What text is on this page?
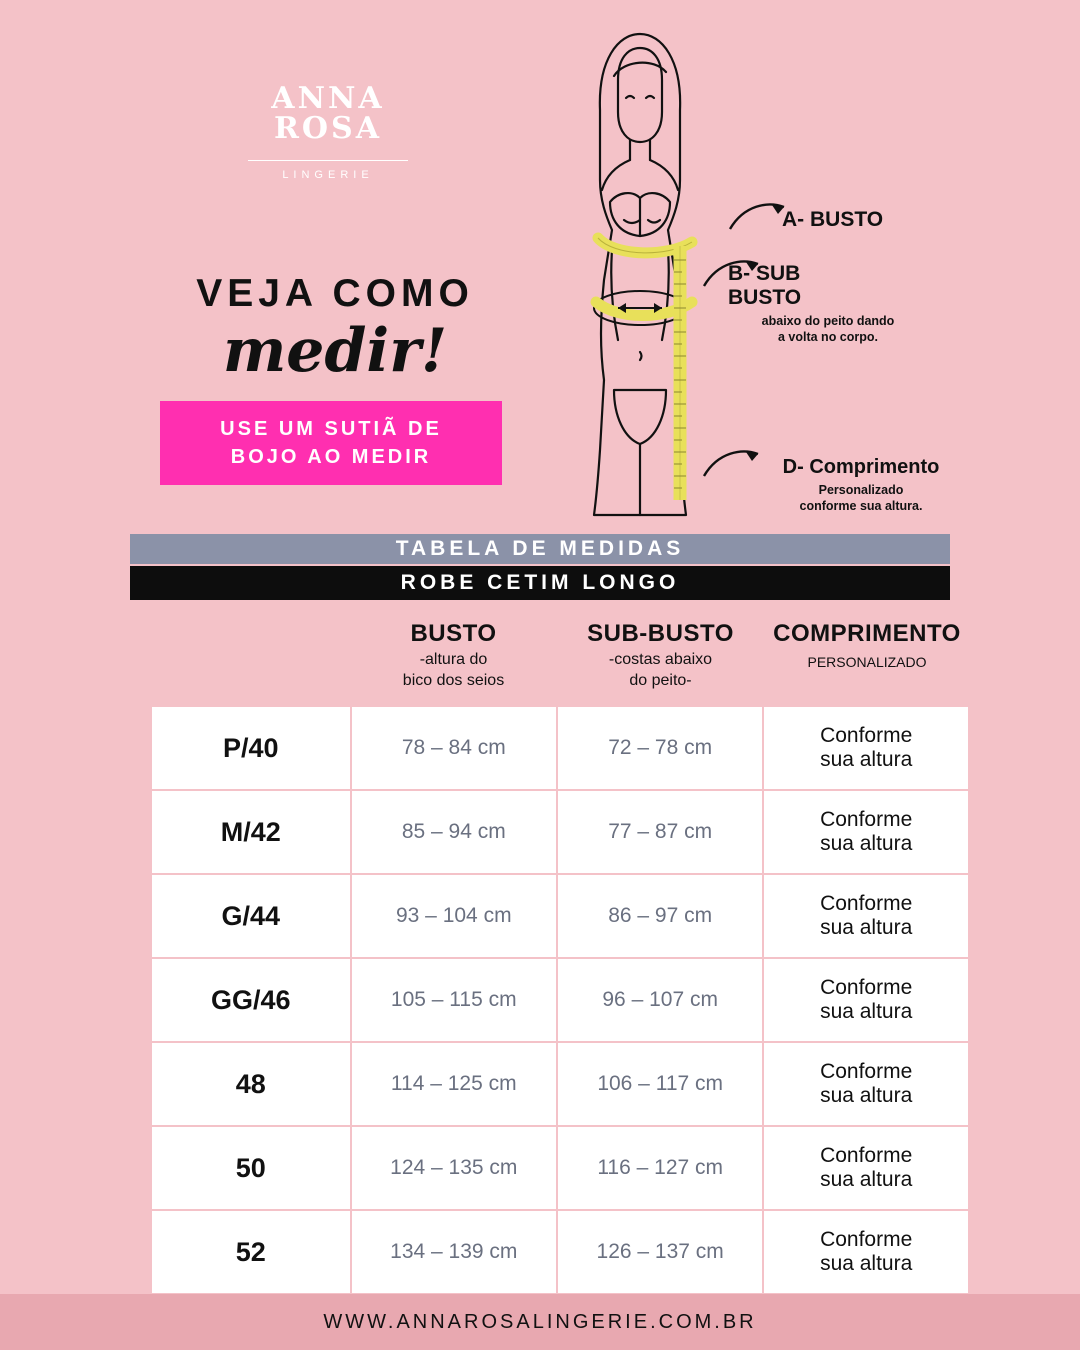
ANNA ROSA
LINGERIE
VEJA COMO
medir!
USE UM SUTIÃ DE
BOJO AO MEDIR
A- BUSTO
B- SUB
BUSTO
abaixo do peito dando
a volta no corpo.
D- Comprimento
Personalizado
conforme sua altura.
TABELA DE MEDIDAS
ROBE CETIM LONGO
BUSTO
-altura do
bico dos seios
SUB-BUSTO
-costas abaixo
do peito-
COMPRIMENTO
PERSONALIZADO
P/40	78 – 84 cm	72 – 78 cm	Conforme
sua altura

M/42	85 – 94 cm	77 – 87 cm	Conforme
sua altura

G/44	93 – 104 cm	86 – 97 cm	Conforme
sua altura

GG/46	105 – 115 cm	96 – 107 cm	Conforme
sua altura

48	114 – 125 cm	106 – 117 cm	Conforme
sua altura

50	124 – 135 cm	116 – 127 cm	Conforme
sua altura

52	134 – 139 cm	126 – 137 cm	Conforme
sua altura
WWW.ANNAROSALINGERIE.COM.BR
